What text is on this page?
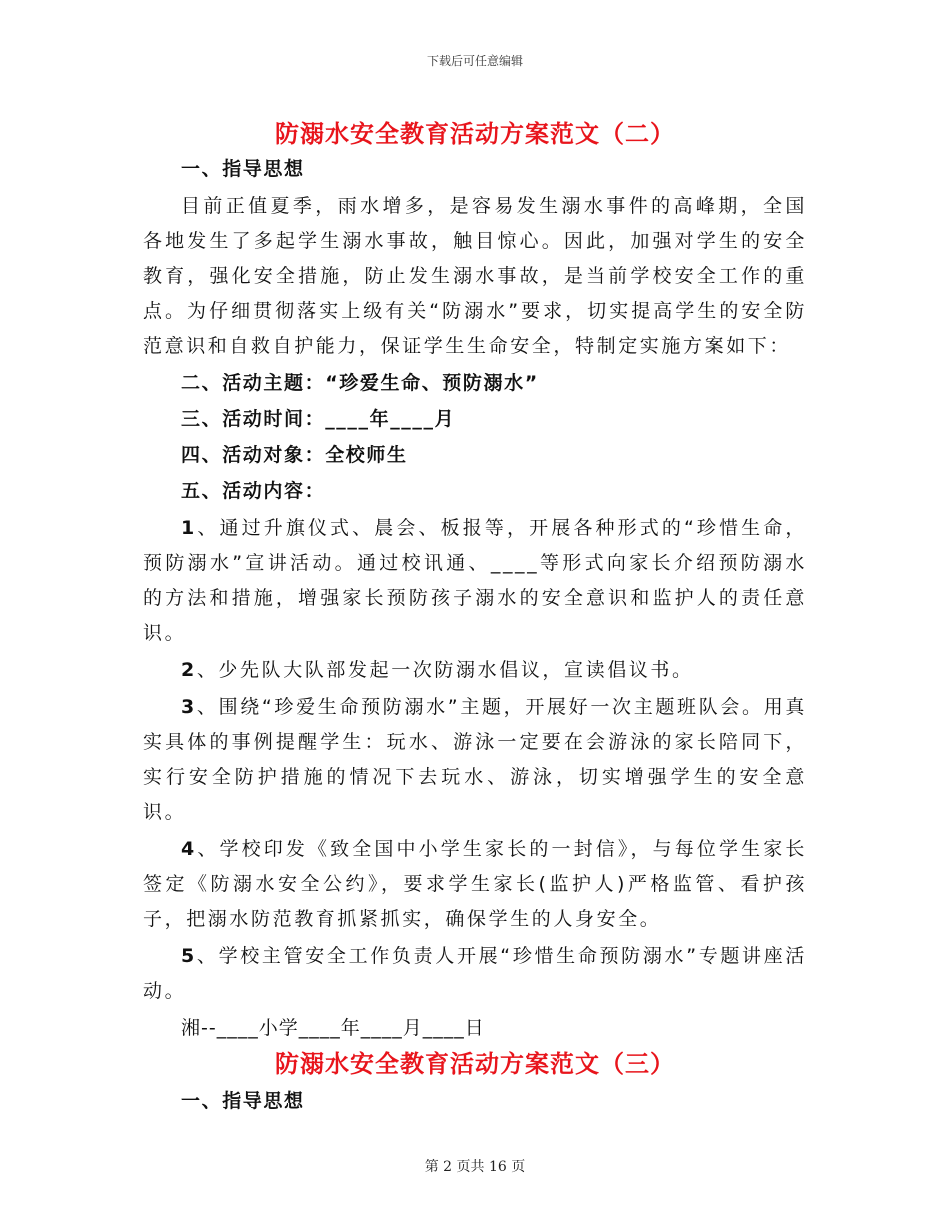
下载后可任意编辑
防溺水安全教育活动方案范文（二）

一、指导思想

目前正值夏季，雨水增多，是容易发生溺水事件的高峰期，全国各地发生了多起学生溺水事故，触目惊心。因此，加强对学生的安全教育，强化安全措施，防止发生溺水事故，是当前学校安全工作的重点。为仔细贯彻落实上级有关“防溺水”要求，切实提高学生的安全防范意识和自救自护能力，保证学生生命安全，特制定实施方案如下：

二、活动主题：“珍爱生命、预防溺水”

三、活动时间：____年____月

四、活动对象：全校师生

五、活动内容：

1、通过升旗仪式、晨会、板报等，开展各种形式的“珍惜生命，预防溺水”宣讲活动。通过校讯通、____等形式向家长介绍预防溺水的方法和措施，增强家长预防孩子溺水的安全意识和监护人的责任意识。

2、少先队大队部发起一次防溺水倡议，宣读倡议书。

3、围绕“珍爱生命预防溺水”主题，开展好一次主题班队会。用真实具体的事例提醒学生：玩水、游泳一定要在会游泳的家长陪同下，实行安全防护措施的情况下去玩水、游泳，切实增强学生的安全意识。

4、学校印发《致全国中小学生家长的一封信》，与每位学生家长签定《防溺水安全公约》，要求学生家长(监护人)严格监管、看护孩子，把溺水防范教育抓紧抓实，确保学生的人身安全。

5、学校主管安全工作负责人开展“珍惜生命预防溺水”专题讲座活动。

湘--____小学____年____月____日

防溺水安全教育活动方案范文（三）

一、指导思想

第 2 页共 16 页
